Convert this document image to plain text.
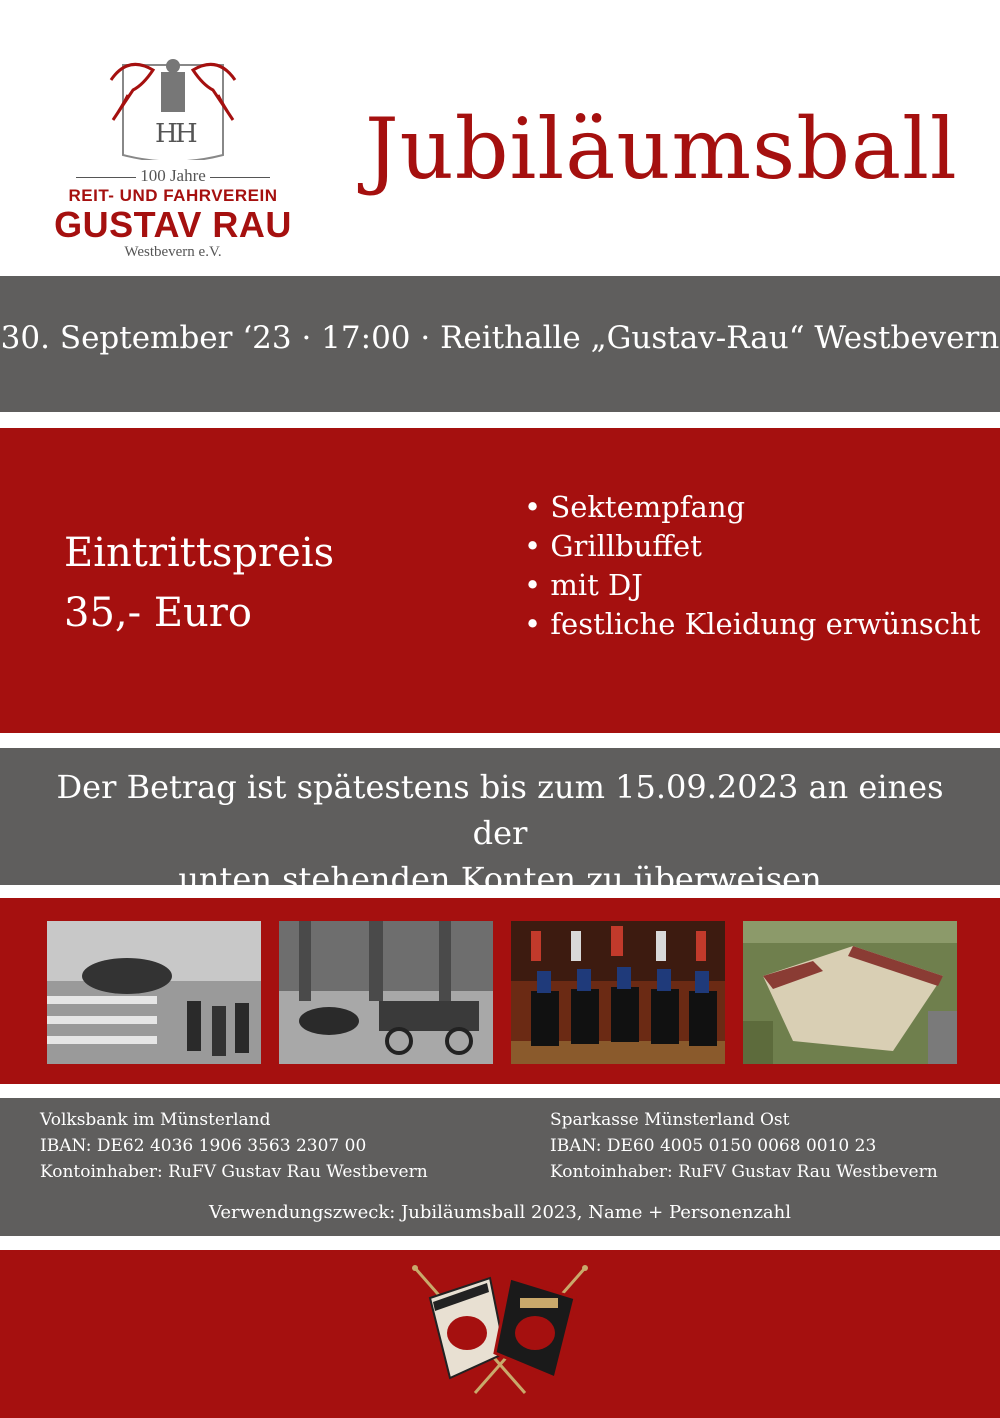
H
H
100 Jahre
REIT- UND FAHRVEREIN
GUSTAV RAU
Westbevern e.V.
Jubiläumsball
30. September ‘23 · 17:00 · Reithalle „Gustav-Rau“ Westbevern
Eintrittspreis
35,- Euro
• Sektempfang
• Grillbuffet
• mit DJ
• festliche Kleidung erwünscht
Der Betrag ist spätestens bis zum 15.09.2023 an eines der
unten stehenden Konten zu überweisen
Volksbank im Münsterland
IBAN: DE62 4036 1906 3563 2307 00
Kontoinhaber: RuFV Gustav Rau Westbevern
Sparkasse Münsterland Ost
IBAN: DE60 4005 0150 0068 0010 23
Kontoinhaber: RuFV Gustav Rau Westbevern
Verwendungszweck: Jubiläumsball 2023, Name + Personenzahl
